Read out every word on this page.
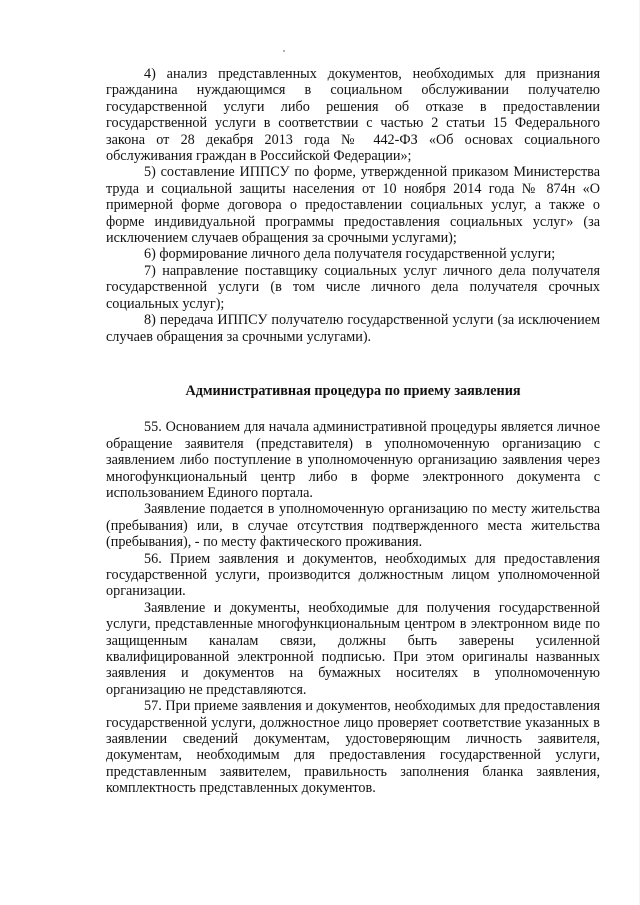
4) анализ представленных документов, необходимых для признания гражданина нуждающимся в социальном обслуживании получателю государственной услуги либо решения об отказе в предоставлении государственной услуги в соответствии с частью 2 статьи 15 Федерального закона от 28 декабря 2013 года № 442-ФЗ «Об основах социального обслуживания граждан в Российской Федерации»;

5) составление ИППСУ по форме, утвержденной приказом Министерства труда и социальной защиты населения от 10 ноября 2014 года № 874н «О примерной форме договора о предоставлении социальных услуг, а также о форме индивидуальной программы предоставления социальных услуг» (за исключением случаев обращения за срочными услугами);

6) формирование личного дела получателя государственной услуги;

7) направление поставщику социальных услуг личного дела получателя государственной услуги (в том числе личного дела получателя срочных социальных услуг);

8) передача ИППСУ получателю государственной услуги (за исключением случаев обращения за срочными услугами).

Административная процедура по приему заявления

55. Основанием для начала административной процедуры является личное обращение заявителя (представителя) в уполномоченную организацию с заявлением либо поступление в уполномоченную организацию заявления через многофункциональный центр либо в форме электронного документа с использованием Единого портала.

Заявление подается в уполномоченную организацию по месту жительства (пребывания) или, в случае отсутствия подтвержденного места жительства (пребывания), - по месту фактического проживания.

56. Прием заявления и документов, необходимых для предоставления государственной услуги, производится должностным лицом уполномоченной организации.

Заявление и документы, необходимые для получения государственной услуги, представленные многофункциональным центром в электронном виде по защищенным каналам связи, должны быть заверены усиленной квалифицированной электронной подписью. При этом оригиналы названных заявления и документов на бумажных носителях в уполномоченную организацию не представляются.

57. При приеме заявления и документов, необходимых для предоставления государственной услуги, должностное лицо проверяет соответствие указанных в заявлении сведений документам, удостоверяющим личность заявителя, документам, необходимым для предоставления государственной услуги, представленным заявителем, правильность заполнения бланка заявления, комплектность представленных документов.
